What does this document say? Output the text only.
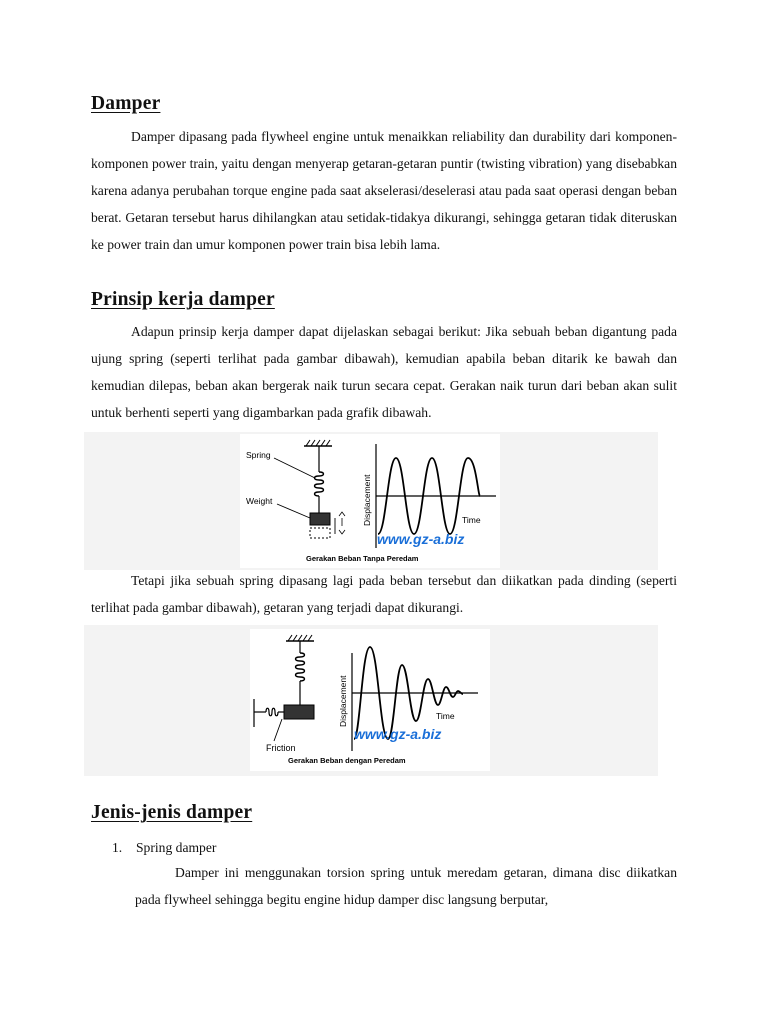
Damper

Damper dipasang pada flywheel engine untuk menaikkan reliability dan durability dari komponen-komponen power train, yaitu dengan menyerap getaran-getaran puntir (twisting vibration) yang disebabkan karena adanya perubahan torque engine pada saat akselerasi/deselerasi atau pada saat operasi dengan beban berat. Getaran tersebut harus dihilangkan atau setidak-tidakya dikurangi, sehingga getaran tidak diteruskan ke power train dan umur komponen power train bisa lebih lama.

Prinsip kerja damper

Adapun prinsip kerja damper dapat dijelaskan sebagai berikut: Jika sebuah beban digantung pada ujung spring (seperti terlihat pada gambar dibawah), kemudian apabila beban ditarik ke bawah dan kemudian dilepas, beban akan bergerak naik turun secara cepat. Gerakan naik turun dari beban akan sulit untuk berhenti seperti yang digambarkan pada grafik dibawah.

Spring
Weight	Displacement	Time
www.gz-a.biz
Gerakan Beban Tanpa Peredam

Tetapi jika sebuah spring dipasang lagi pada beban tersebut dan diikatkan pada dinding (seperti terlihat pada gambar dibawah), getaran yang terjadi dapat dikurangi.

Friction
Displacement	Time
www.gz-a.biz
Gerakan Beban dengan Peredam
Jenis-jenis damper
1. Spring damper

Damper ini menggunakan torsion spring untuk meredam getaran, dimana disc diikatkan pada flywheel sehingga begitu engine hidup damper disc langsung berputar,
